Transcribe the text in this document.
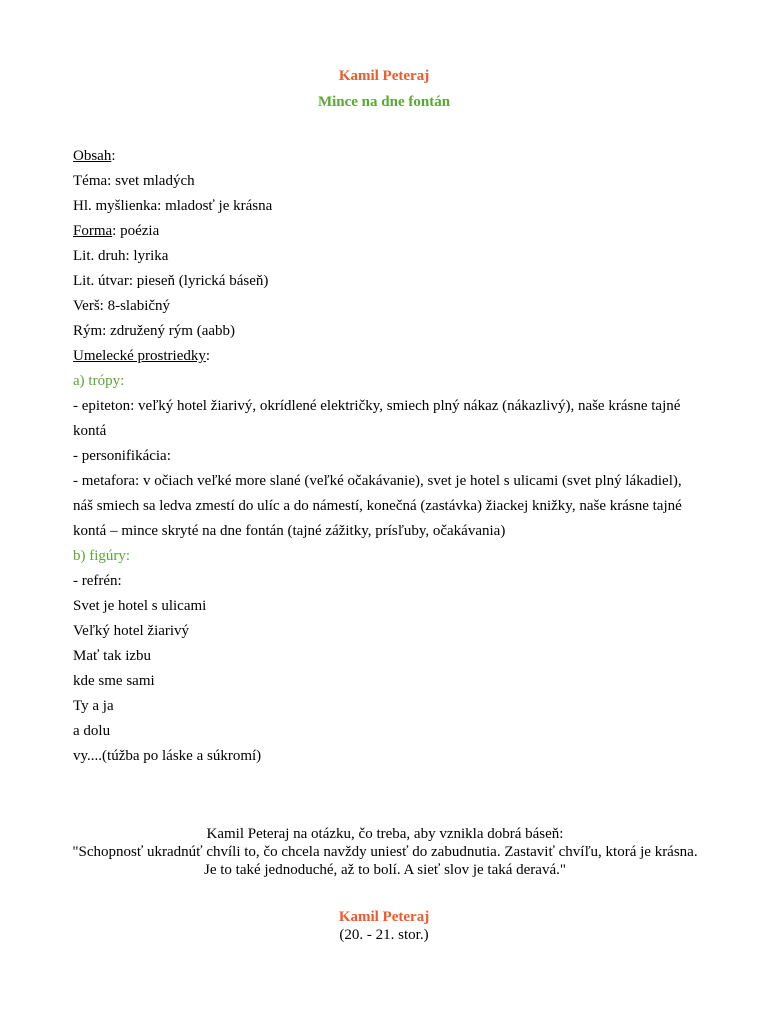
Kamil Peteraj
Mince na dne fontán
Obsah:
Téma: svet mladých
Hl. myšlienka: mladosť je krásna
Forma: poézia
Lit. druh: lyrika
Lit. útvar: pieseň (lyrická báseň)
Verš: 8-slabičný
Rým: združený rým (aabb)
Umelecké prostriedky:
a) trópy:
- epiteton: veľký hotel žiarivý, okrídlené električky, smiech plný nákaz (nákazlivý), naše krásne tajné kontá
- personifikácia:
- metafora: v očiach veľké more slané (veľké očakávanie), svet je hotel s ulicami (svet plný lákadiel), náš smiech sa ledva zmestí do ulíc a do námestí, konečná (zastávka) žiackej knižky, naše krásne tajné kontá – mince skryté na dne fontán (tajné zážitky, prísľuby, očakávania)
b) figúry:
- refrén:
Svet je hotel s ulicami
Veľký hotel žiarivý
Mať tak izbu
kde sme sami
Ty a ja
a dolu
vy....(túžba po láske a súkromí)
Kamil Peteraj na otázku, čo treba, aby vznikla dobrá báseň:
"Schopnosť ukradnúť chvíli to, čo chcela navždy uniesť do zabudnutia. Zastaviť chvíľu, ktorá je krásna. Je to také jednoduché, až to bolí. A sieť slov je taká deravá."
Kamil Peteraj
(20. - 21. stor.)
